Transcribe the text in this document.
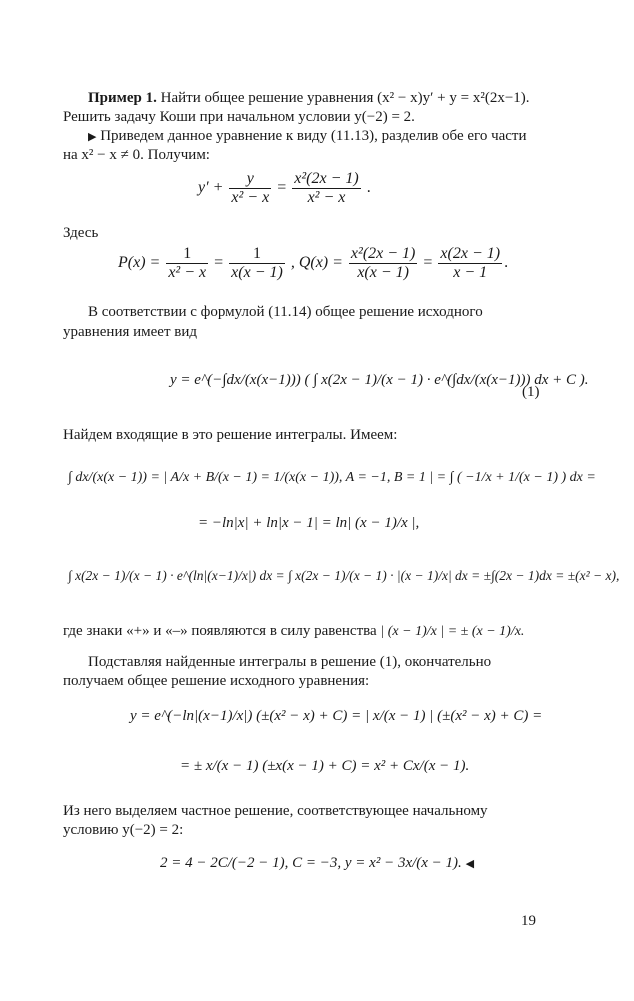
Пример 1. Найти общее решение уравнения (x² − x)y′ + y = x²(2x−1).
Решить задачу Коши при начальном условии y(−2) = 2.
▶ Приведем данное уравнение к виду (11.13), разделив обе его части
на x² − x ≠ 0. Получим:
$y' + \frac{y}{\text{x² − x}} = \frac{\text{x²(2x − 1)}}{\text{x² − x}}$ .
Здесь
$P(x) = \frac{1}{\text{x² − x}} = \frac{1}{x(x - 1)}$ , $Q(x) = \frac{\text{x²(2x − 1)}}{x(x - 1)} = \frac{x(2x - 1)}{x - 1}$ .
В соответствии с формулой (11.14) общее решение исходного
уравнения имеет вид
y = e^(−∫dx/(x(x−1))) ( ∫ x(2x − 1)/(x − 1) · e^(∫dx/(x(x−1))) dx + C ).
(1)
Найдем входящие в это решение интегралы. Имеем:
∫ dx/(x(x − 1)) = | A/x + B/(x − 1) = 1/(x(x − 1)), A = −1, B = 1 | = ∫ ( −1/x + 1/(x − 1) ) dx =
= −ln|x| + ln|x − 1| = ln| (x − 1)/x |,
∫ x(2x − 1)/(x − 1) · e^(ln|(x−1)/x|) dx = ∫ x(2x − 1)/(x − 1) · |(x − 1)/x| dx = ±∫(2x − 1)dx = ±(x² − x),
где знаки «+» и «–» появляются в силу равенства | (x − 1)/x | = ± (x − 1)/x.
Подставляя найденные интегралы в решение (1), окончательно
получаем общее решение исходного уравнения:
y = e^(−ln|(x−1)/x|) (±(x² − x) + C) = | x/(x − 1) | (±(x² − x) + C) =
= ± x/(x − 1) (±x(x − 1) + C) = x² + Cx/(x − 1).
Из него выделяем частное решение, соответствующее начальному
условию y(−2) = 2:
2 = 4 − 2C/(−2 − 1), C = −3, y = x² − 3x/(x − 1). ◀
19
